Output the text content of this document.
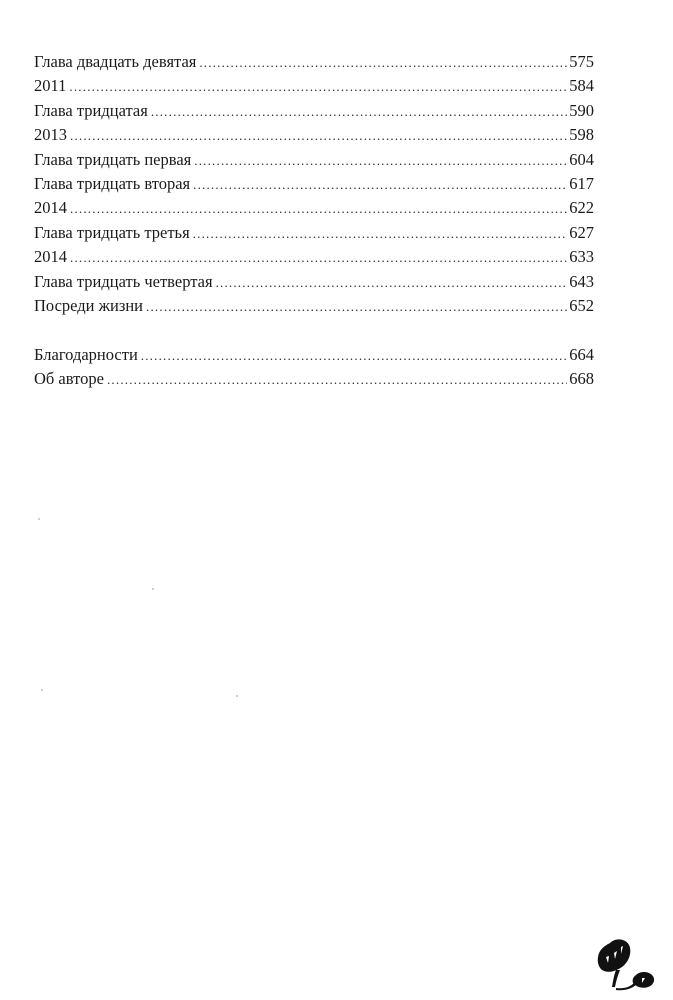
Глава двадцать девятая .....	575
2011 .....	584
Глава тридцатая .....	590
2013 .....	598
Глава тридцать первая .....	604
Глава тридцать вторая .....	617
2014 .....	622
Глава тридцать третья .....	627
2014 .....	633
Глава тридцать четвертая .....	643
Посреди жизни .....	652
Благодарности .....	664
Об авторе .....	668
